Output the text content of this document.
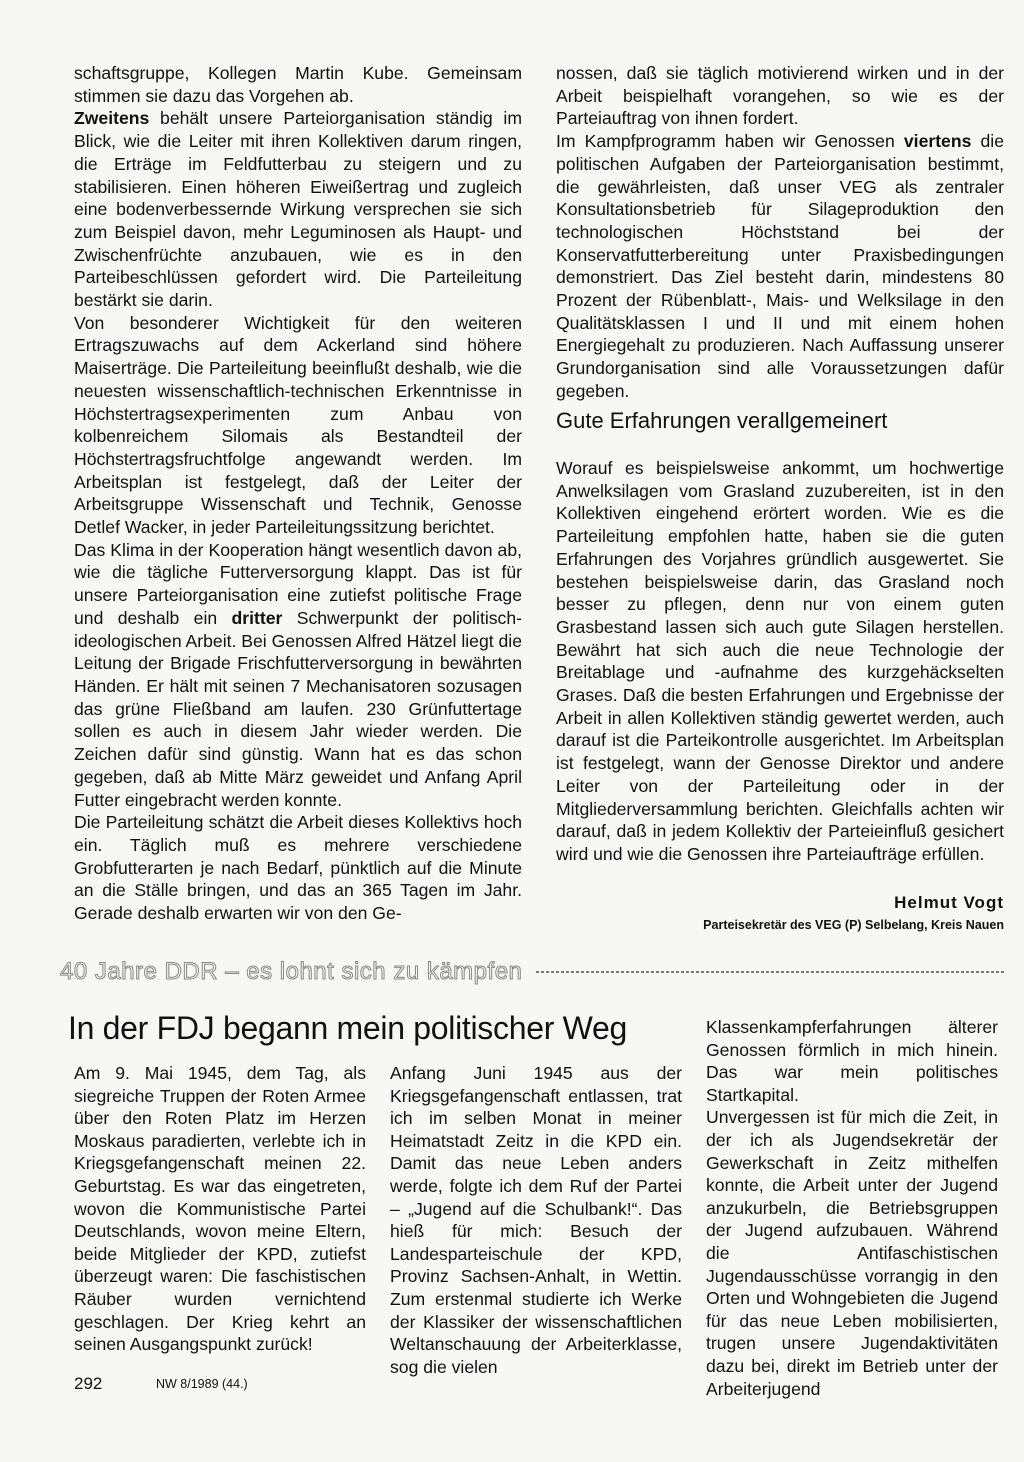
schaftsgruppe, Kollegen Martin Kube. Gemeinsam stimmen sie dazu das Vorgehen ab.

Zweitens behält unsere Parteiorganisation ständig im Blick, wie die Leiter mit ihren Kollektiven darum ringen, die Erträge im Feldfutterbau zu steigern und zu stabilisieren. Einen höheren Eiweißertrag und zugleich eine bodenverbessernde Wirkung versprechen sie sich zum Beispiel davon, mehr Leguminosen als Haupt- und Zwischenfrüchte anzubauen, wie es in den Parteibeschlüssen gefordert wird. Die Parteileitung bestärkt sie darin.

Von besonderer Wichtigkeit für den weiteren Ertragszuwachs auf dem Ackerland sind höhere Maiserträge. Die Parteileitung beeinflußt deshalb, wie die neuesten wissenschaftlich-technischen Erkenntnisse in Höchstertragsexperimenten zum Anbau von kolbenreichem Silomais als Bestandteil der Höchstertragsfruchtfolge angewandt werden. Im Arbeitsplan ist festgelegt, daß der Leiter der Arbeitsgruppe Wissenschaft und Technik, Genosse Detlef Wacker, in jeder Parteileitungssitzung berichtet.

Das Klima in der Kooperation hängt wesentlich davon ab, wie die tägliche Futterversorgung klappt. Das ist für unsere Parteiorganisation eine zutiefst politische Frage und deshalb ein dritter Schwerpunkt der politisch-ideologischen Arbeit. Bei Genossen Alfred Hätzel liegt die Leitung der Brigade Frischfutterversorgung in bewährten Händen. Er hält mit seinen 7 Mechanisatoren sozusagen das grüne Fließband am laufen. 230 Grünfuttertage sollen es auch in diesem Jahr wieder werden. Die Zeichen dafür sind günstig. Wann hat es das schon gegeben, daß ab Mitte März geweidet und Anfang April Futter eingebracht werden konnte.

Die Parteileitung schätzt die Arbeit dieses Kollektivs hoch ein. Täglich muß es mehrere verschiedene Grobfutterarten je nach Bedarf, pünktlich auf die Minute an die Ställe bringen, und das an 365 Tagen im Jahr. Gerade deshalb erwarten wir von den Ge-

nossen, daß sie täglich motivierend wirken und in der Arbeit beispielhaft vorangehen, so wie es der Parteiauftrag von ihnen fordert.

Im Kampfprogramm haben wir Genossen viertens die politischen Aufgaben der Parteiorganisation bestimmt, die gewährleisten, daß unser VEG als zentraler Konsultationsbetrieb für Silageproduktion den technologischen Höchststand bei der Konservatfutterbereitung unter Praxisbedingungen demonstriert. Das Ziel besteht darin, mindestens 80 Prozent der Rübenblatt-, Mais- und Welksilage in den Qualitätsklassen I und II und mit einem hohen Energiegehalt zu produzieren. Nach Auffassung unserer Grundorganisation sind alle Voraussetzungen dafür gegeben.

Gute Erfahrungen verallgemeinert

Worauf es beispielsweise ankommt, um hochwertige Anwelksilagen vom Grasland zuzubereiten, ist in den Kollektiven eingehend erörtert worden. Wie es die Parteileitung empfohlen hatte, haben sie die guten Erfahrungen des Vorjahres gründlich ausgewertet. Sie bestehen beispielsweise darin, das Grasland noch besser zu pflegen, denn nur von einem guten Grasbestand lassen sich auch gute Silagen herstellen. Bewährt hat sich auch die neue Technologie der Breitablage und -aufnahme des kurzgehäckselten Grases. Daß die besten Erfahrungen und Ergebnisse der Arbeit in allen Kollektiven ständig gewertet werden, auch darauf ist die Parteikontrolle ausgerichtet. Im Arbeitsplan ist festgelegt, wann der Genosse Direktor und andere Leiter von der Parteileitung oder in der Mitgliederversammlung berichten. Gleichfalls achten wir darauf, daß in jedem Kollektiv der Parteieinfluß gesichert wird und wie die Genossen ihre Parteiaufträge erfüllen.

Helmut Vogt
Parteisekretär des VEG (P) Selbelang, Kreis Nauen
40 Jahre DDR – es lohnt sich zu kämpfen
In der FDJ begann mein politischer Weg

Am 9. Mai 1945, dem Tag, als siegreiche Truppen der Roten Armee über den Roten Platz im Herzen Moskaus paradierten, verlebte ich in Kriegsgefangenschaft meinen 22. Geburtstag. Es war das eingetreten, wovon die Kommunistische Partei Deutschlands, wovon meine Eltern, beide Mitglieder der KPD, zutiefst überzeugt waren: Die faschistischen Räuber wurden vernichtend geschlagen. Der Krieg kehrt an seinen Ausgangspunkt zurück!

Anfang Juni 1945 aus der Kriegsgefangenschaft entlassen, trat ich im selben Monat in meiner Heimatstadt Zeitz in die KPD ein. Damit das neue Leben anders werde, folgte ich dem Ruf der Partei – „Jugend auf die Schulbank!“. Das hieß für mich: Besuch der Landesparteischule der KPD, Provinz Sachsen-Anhalt, in Wettin. Zum erstenmal studierte ich Werke der Klassiker der wissenschaftlichen Weltanschauung der Arbeiterklasse, sog die vielen

Klassenkampferfahrungen älterer Genossen förmlich in mich hinein. Das war mein politisches Startkapital.

Unvergessen ist für mich die Zeit, in der ich als Jugendsekretär der Gewerkschaft in Zeitz mithelfen konnte, die Arbeit unter der Jugend anzukurbeln, die Betriebsgruppen der Jugend aufzubauen. Während die Antifaschistischen Jugendausschüsse vorrangig in den Orten und Wohngebieten die Jugend für das neue Leben mobilisierten, trugen unsere Jugendaktivitäten dazu bei, direkt im Betrieb unter der Arbeiterjugend

292	NW 8/1989 (44.)
